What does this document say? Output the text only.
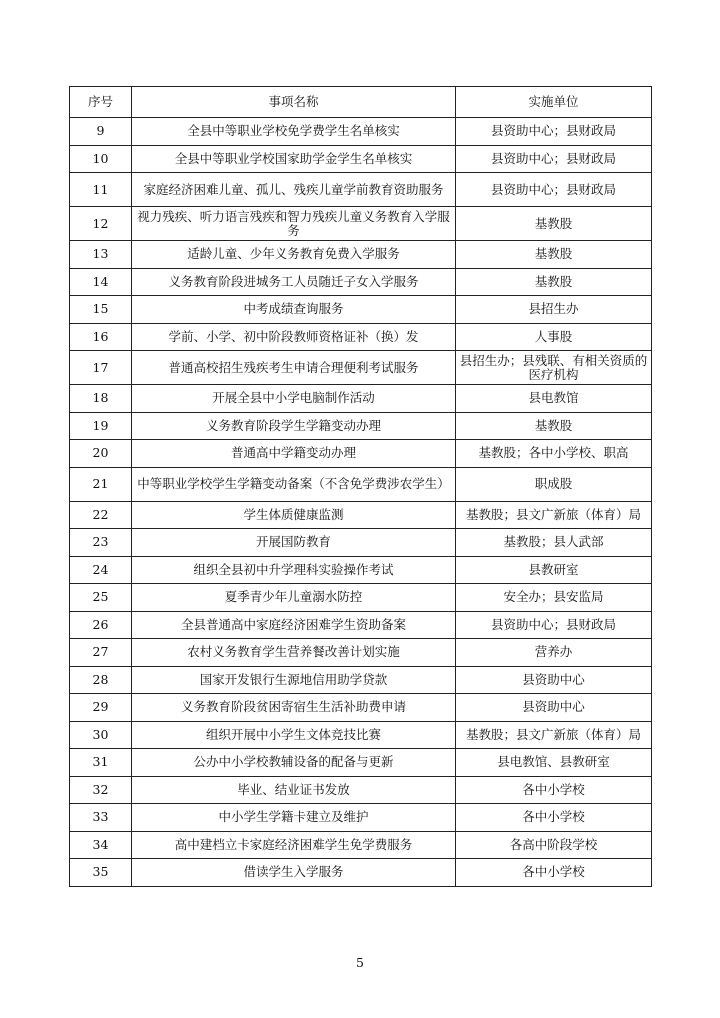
序号	事项名称	实施单位
9	全县中等职业学校免学费学生名单核实	县资助中心；县财政局
10	全县中等职业学校国家助学金学生名单核实	县资助中心；县财政局
11	家庭经济困难儿童、孤儿、残疾儿童学前教育资助服务	县资助中心；县财政局
12	视力残疾、听力语言残疾和智力残疾儿童义务教育入学服务	基教股
13	适龄儿童、少年义务教育免费入学服务	基教股
14	义务教育阶段进城务工人员随迁子女入学服务	基教股
15	中考成绩查询服务	县招生办
16	学前、小学、初中阶段教师资格证补（换）发	人事股
17	普通高校招生残疾考生申请合理便利考试服务	县招生办；县残联、有相关资质的医疗机构
18	开展全县中小学电脑制作活动	县电教馆
19	义务教育阶段学生学籍变动办理	基教股
20	普通高中学籍变动办理	基教股；各中小学校、职高
21	中等职业学校学生学籍变动备案（不含免学费涉农学生）	职成股
22	学生体质健康监测	基教股；县文广新旅（体育）局
23	开展国防教育	基教股；县人武部
24	组织全县初中升学理科实验操作考试	县教研室
25	夏季青少年儿童溺水防控	安全办；县安监局
26	全县普通高中家庭经济困难学生资助备案	县资助中心；县财政局
27	农村义务教育学生营养餐改善计划实施	营养办
28	国家开发银行生源地信用助学贷款	县资助中心
29	义务教育阶段贫困寄宿生生活补助费申请	县资助中心
30	组织开展中小学生文体竞技比赛	基教股；县文广新旅（体育）局
31	公办中小学校教辅设备的配备与更新	县电教馆、县教研室
32	毕业、结业证书发放	各中小学校
33	中小学生学籍卡建立及维护	各中小学校
34	高中建档立卡家庭经济困难学生免学费服务	各高中阶段学校
35	借读学生入学服务	各中小学校
5
